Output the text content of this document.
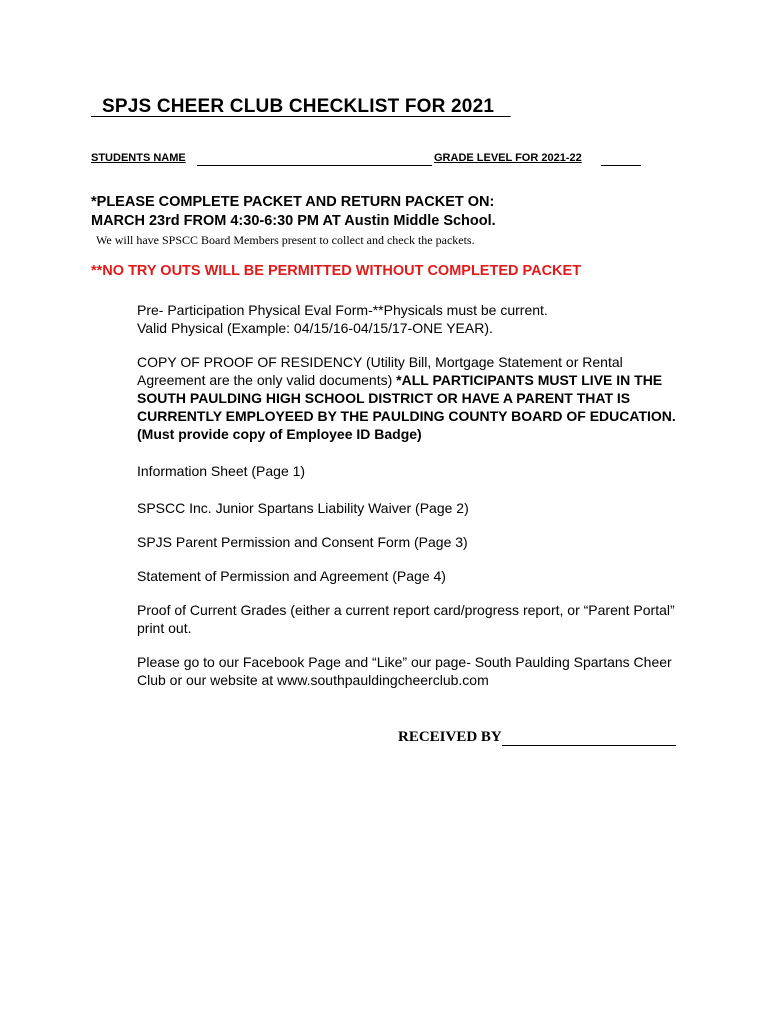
SPJS CHEER CLUB CHECKLIST FOR 2021
STUDENTS NAME	GRADE LEVEL FOR 2021-22
*PLEASE COMPLETE PACKET AND RETURN PACKET ON:
MARCH 23rd FROM 4:30-6:30 PM AT Austin Middle School.
We will have SPSCC Board Members present to collect and check the packets.
**NO TRY OUTS WILL BE PERMITTED WITHOUT COMPLETED PACKET
Pre- Participation Physical Eval Form-**Physicals must be current.
Valid Physical (Example: 04/15/16-04/15/17-ONE YEAR).
COPY OF PROOF OF RESIDENCY (Utility Bill, Mortgage Statement or Rental Agreement are the only valid documents) *ALL PARTICIPANTS MUST LIVE IN THE SOUTH PAULDING HIGH SCHOOL DISTRICT OR HAVE A PARENT THAT IS CURRENTLY EMPLOYEED BY THE PAULDING COUNTY BOARD OF EDUCATION. (Must provide copy of Employee ID Badge)
Information Sheet (Page 1)
SPSCC Inc. Junior Spartans Liability Waiver (Page 2)
SPJS Parent Permission and Consent Form (Page 3)
Statement of Permission and Agreement (Page 4)
Proof of Current Grades (either a current report card/progress report, or “Parent Portal” print out.
Please go to our Facebook Page and “Like” our page- South Paulding Spartans Cheer Club or our website at www.southpauldingcheerclub.com
RECEIVED BY
